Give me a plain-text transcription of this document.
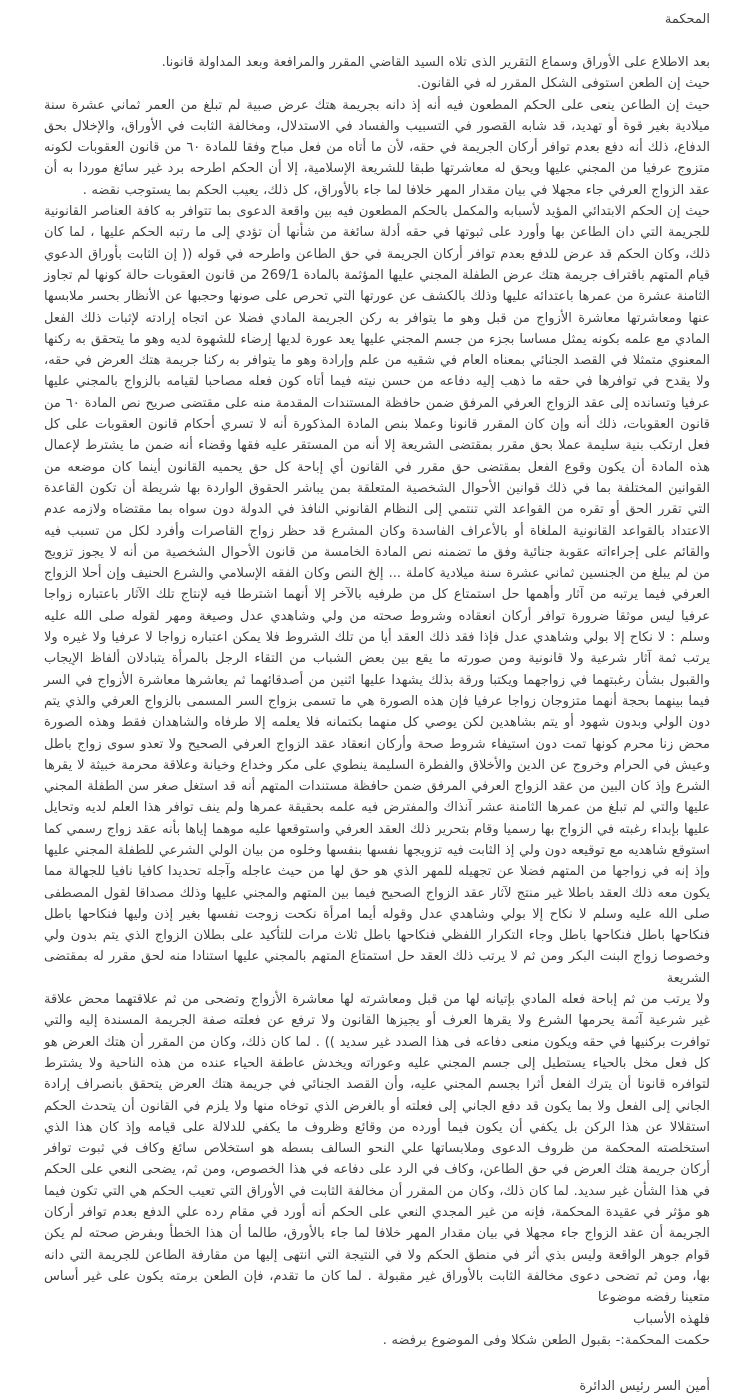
المحكمة

بعد الاطلاع على الأوراق وسماع التقرير الذى تلاه السيد القاضي المقرر والمرافعة وبعد المداولة قانونا.

حيث إن الطعن استوفى الشكل المقرر له في القانون.

حيث إن الطاعن ينعى على الحكم المطعون فيه أنه إذ دانه بجريمة هتك عرض صبية لم تبلغ من العمر ثماني عشرة سنة ميلادية بغير قوة أو تهديد، قد شابه القصور في التسبيب والفساد في الاستدلال، ومخالفة الثابت في الأوراق، والإخلال بحق الدفاع، ذلك أنه دفع بعدم توافر أركان الجريمة في حقه، لأن ما أتاه من فعل مباح وفقا للمادة ٦٠ من قانون العقوبات لكونه متزوج عرفيا من المجني عليها ويحق له معاشرتها طبقا للشريعة الإسلامية، إلا أن الحكم اطرحه برد غير سائغ موردا به أن عقد الزواج العرفي جاء مجهلا في بيان مقدار المهر خلافا لما جاء بالأوراق، كل ذلك، يعيب الحكم بما يستوجب نقضه .

حيث إن الحكم الابتدائي المؤيد لأسبابه والمكمل بالحكم المطعون فيه بين واقعة الدعوى بما تتوافر به كافة العناصر القانونية للجريمة التي دان الطاعن بها وأورد على ثبوتها في حقه أدلة سائغة من شأنها أن تؤدي إلى ما رتبه الحكم عليها ، لما كان ذلك، وكان الحكم قد عرض للدفع بعدم توافر أركان الجريمة في حق الطاعن واطرحه في قوله (( إن الثابت بأوراق الدعوي قيام المتهم باقتراف جريمة هتك عرض الطفلة المجني عليها المؤثمة بالمادة 269/1 من قانون العقوبات حالة كونها لم تجاوز الثامنة عشرة من عمرها باعتدائه عليها وذلك بالكشف عن عورتها التي تحرص على صونها وحجبها عن الأنظار بحسر ملابسها عنها ومعاشرتها معاشرة الأزواج من قبل وهو ما يتوافر به ركن الجريمة المادي فضلا عن اتجاه إرادته لإثبات ذلك الفعل المادي مع علمه بكونه يمثل مساسا بجزء من جسم المجني عليها يعد عورة لديها إرضاء للشهوة لديه وهو ما يتحقق به ركنها المعنوي متمثلا في القصد الجنائي بمعناه العام في شقيه من علم وإرادة وهو ما يتوافر به ركنا جريمة هتك العرض في حقه، ولا يقدح في توافرها في حقه ما ذهب إليه دفاعه من حسن نيته فيما أتاه كون فعله مصاحبا لقيامه بالزواج بالمجني عليها عرفيا وتسانده إلى عقد الزواج العرفي المرفق ضمن حافظة المستندات المقدمة منه على مقتضى صريح نص المادة ٦٠ من قانون العقوبات، ذلك أنه وإن كان المقرر قانونا وعملا بنص المادة المذكورة أنه لا تسري أحكام قانون العقوبات على كل فعل ارتكب بنية سليمة عملا بحق مقرر بمقتضى الشريعة إلا أنه من المستقر عليه فقها وقضاء أنه ضمن ما يشترط لإعمال هذه المادة أن يكون وقوع الفعل بمقتضى حق مقرر في القانون أي إباحة كل حق يحميه القانون أينما كان موضعه من القوانين المختلفة بما في ذلك قوانين الأحوال الشخصية المتعلقة بمن يباشر الحقوق الواردة بها شريطة أن تكون القاعدة التي تقرر الحق أو تقره من القواعد التي تنتمي إلى النظام القانوني النافذ في الدولة دون سواه بما مقتضاه ولازمه عدم الاعتداد بالقواعد القانونية الملغاة أو بالأعراف الفاسدة وكان المشرع قد حظر زواج القاصرات وأفرد لكل من تسبب فيه والقائم على إجراءاته عقوبة جنائية وفق ما تضمنه نص المادة الخامسة من قانون الأحوال الشخصية من أنه لا يجوز تزويج من لم يبلغ من الجنسين ثماني عشرة سنة ميلادية كاملة ... إلخ النص وكان الفقه الإسلامي والشرع الحنيف وإن أحلا الزواج العرفي فيما يرتبه من آثار وأهمها حل استمتاع كل من طرفيه بالآخر إلا أنهما اشترطا فيه لإنتاج تلك الآثار باعتباره زواجا عرفيا ليس موثقا ضرورة توافر أركان انعقاده وشروط صحته من ولي وشاهدي عدل وصيغة ومهر لقوله صلى الله عليه وسلم : لا نكاح إلا بولي وشاهدي عدل فإذا فقد ذلك العقد أيا من تلك الشروط فلا يمكن اعتباره زواجا لا عرفيا ولا غيره ولا يرتب ثمة آثار شرعية ولا قانونية ومن صورته ما يقع بين بعض الشباب من التقاء الرجل بالمرأة يتبادلان ألفاظ الإيجاب والقبول بشأن رغبتهما في زواجهما ويكتبا ورقة بذلك يشهدا عليها اثنين من أصدقائهما ثم يعاشرها معاشرة الأزواج في السر فيما بينهما بحجة أنهما متزوجان زواجا عرفيا فإن هذه الصورة هي ما تسمى بزواج السر المسمى بالزواج العرفي والذي يتم دون الولي وبدون شهود أو يتم بشاهدين لكن يوصي كل منهما بكتمانه فلا يعلمه إلا طرفاه والشاهدان فقط وهذه الصورة محض زنا محرم كونها تمت دون استيفاء شروط صحة وأركان انعقاد عقد الزواج العرفي الصحيح ولا تعدو سوى زواج باطل وعيش في الحرام وخروج عن الدين والأخلاق والفطرة السليمة ينطوي على مكر وخداع وخيانة وعلاقة محرمة خبيثة لا يقرها الشرع وإذ كان البين من عقد الزواج العرفي المرفق ضمن حافظة مستندات المتهم أنه قد استغل صغر سن الطفلة المجني عليها والتي لم تبلغ من عمرها الثامنة عشر آنذاك والمفترض فيه علمه بحقيقة عمرها ولم ينف توافر هذا العلم لديه وتحايل عليها بإبداء رغبته في الزواج بها رسميا وقام بتحرير ذلك العقد العرفي واستوقعها عليه موهما إياها بأنه عقد زواج رسمي كما استوقع شاهديه مع توقيعه دون ولي إذ الثابت فيه تزويجها نفسها بنفسها وخلوه من بيان الولي الشرعي للطفلة المجني عليها وإذ إنه في زواجها من المتهم فضلا عن تجهيله للمهر الذي هو حق لها من حيث عاجله وآجله تحديدا كافيا نافيا للجهالة مما يكون معه ذلك العقد باطلا غير منتج لآثار عقد الزواج الصحيح فيما بين المتهم والمجني عليها وذلك مصداقا لقول المصطفى صلى الله عليه وسلم لا نكاح إلا بولي وشاهدي عدل وقوله أيما امرأة نكحت زوجت نفسها بغير إذن وليها فنكاحها باطل فنكاحها باطل فنكاحها باطل وجاء التكرار اللفظي فنكاحها باطل ثلاث مرات للتأكيد على بطلان الزواج الذي يتم بدون ولي وخصوصا زواج البنت البكر ومن ثم لا يرتب ذلك العقد حل استمتاع المتهم بالمجني عليها استنادا منه لحق مقرر له بمقتضى الشريعة

ولا يرتب من ثم إباحة فعله المادي بإتيانه لها من قبل ومعاشرته لها معاشرة الأزواج وتضحى من ثم علاقتهما محض علاقة غير شرعية آثمة يحرمها الشرع ولا يقرها العرف أو يجيزها القانون ولا ترفع عن فعلته صفة الجريمة المسندة إليه والتي توافرت بركنيها في حقه ويكون منعى دفاعه فى هذا الصدد غير سديد )) . لما كان ذلك، وكان من المقرر أن هتك العرض هو كل فعل مخل بالحياء يستطيل إلى جسم المجني عليه وعوراته ويخدش عاطفة الحياء عنده من هذه الناحية ولا يشترط لتوافره قانونا أن يترك الفعل أثرا بجسم المجني عليه، وأن القصد الجنائي في جريمة هتك العرض يتحقق بانصراف إرادة الجاني إلى الفعل ولا بما يكون قد دفع الجاني إلى فعلته أو بالغرض الذي توخاه منها ولا يلزم في القانون أن يتحدث الحكم استقلالا عن هذا الركن بل يكفي أن يكون فيما أورده من وقائع وظروف ما يكفي للدلالة على قيامه وإذ كان هذا الذي استخلصته المحكمة من ظروف الدعوى وملابساتها علي النحو السالف بسطه هو استخلاص سائغ وكاف في ثبوت توافر أركان جريمة هتك العرض في حق الطاعن، وكاف في الرد على دفاعه في هذا الخصوص، ومن ثم، يضحى النعي على الحكم في هذا الشأن غير سديد. لما كان ذلك، وكان من المقرر أن مخالفة الثابت في الأوراق التي تعيب الحكم هي التي تكون فيما هو مؤثر في عقيدة المحكمة، فإنه من غير المجدي النعي على الحكم أنه أورد في مقام رده علي الدفع بعدم توافر أركان الجريمة أن عقد الزواج جاء مجهلا في بيان مقدار المهر خلافا لما جاء بالأورق، طالما أن هذا الخطأ وبفرض صحته لم يكن قوام جوهر الواقعة وليس بذي أثر في منطق الحكم ولا في النتيجة التي انتهى إليها من مقارفة الطاعن للجريمة التي دانه بها، ومن ثم تضحى دعوى مخالفة الثابت بالأوراق غير مقبولة . لما كان ما تقدم، فإن الطعن برمته يكون على غير أساس متعينا رفضه موضوعا

فلهذه الأسباب

حكمت المحكمة:- بقبول الطعن شكلا وفى الموضوع برفضه .

أمين السر رئيس الدائرة
